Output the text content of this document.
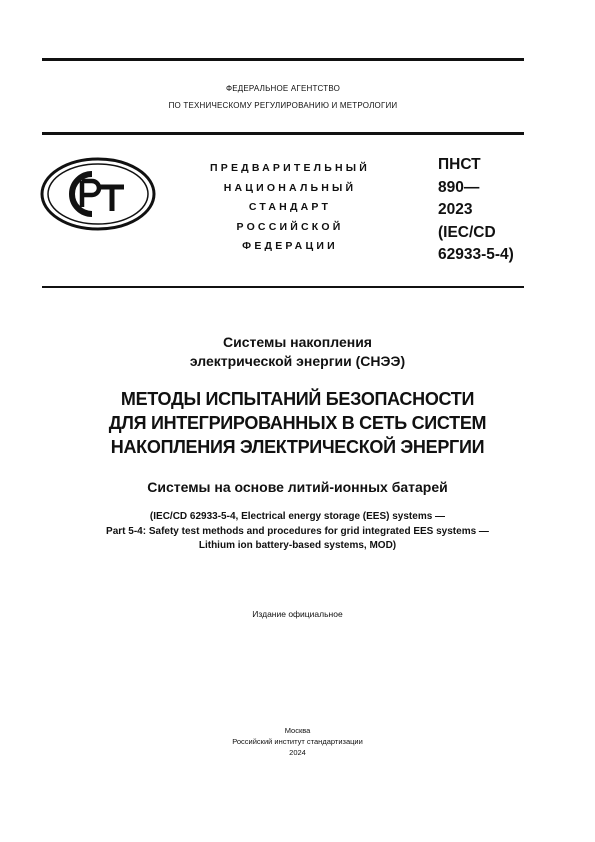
ФЕДЕРАЛЬНОЕ АГЕНТСТВО
ПО ТЕХНИЧЕСКОМУ РЕГУЛИРОВАНИЮ И МЕТРОЛОГИИ
ПРЕДВАРИТЕЛЬНЫЙ
НАЦИОНАЛЬНЫЙ
СТАНДАРТ
РОССИЙСКОЙ
ФЕДЕРАЦИИ
ПНСТ
890—
2023
(IEC/CD
62933-5-4)
Системы накопления
электрической энергии (СНЭЭ)
МЕТОДЫ ИСПЫТАНИЙ БЕЗОПАСНОСТИ
ДЛЯ ИНТЕГРИРОВАННЫХ В СЕТЬ СИСТЕМ
НАКОПЛЕНИЯ ЭЛЕКТРИЧЕСКОЙ ЭНЕРГИИ
Системы на основе литий-ионных батарей
(IEC/CD 62933-5-4, Electrical energy storage (EES) systems —
Part 5-4: Safety test methods and procedures for grid integrated EES systems —
Lithium ion battery-based systems, MOD)
Издание официальное
Москва
Российский институт стандартизации
2024
